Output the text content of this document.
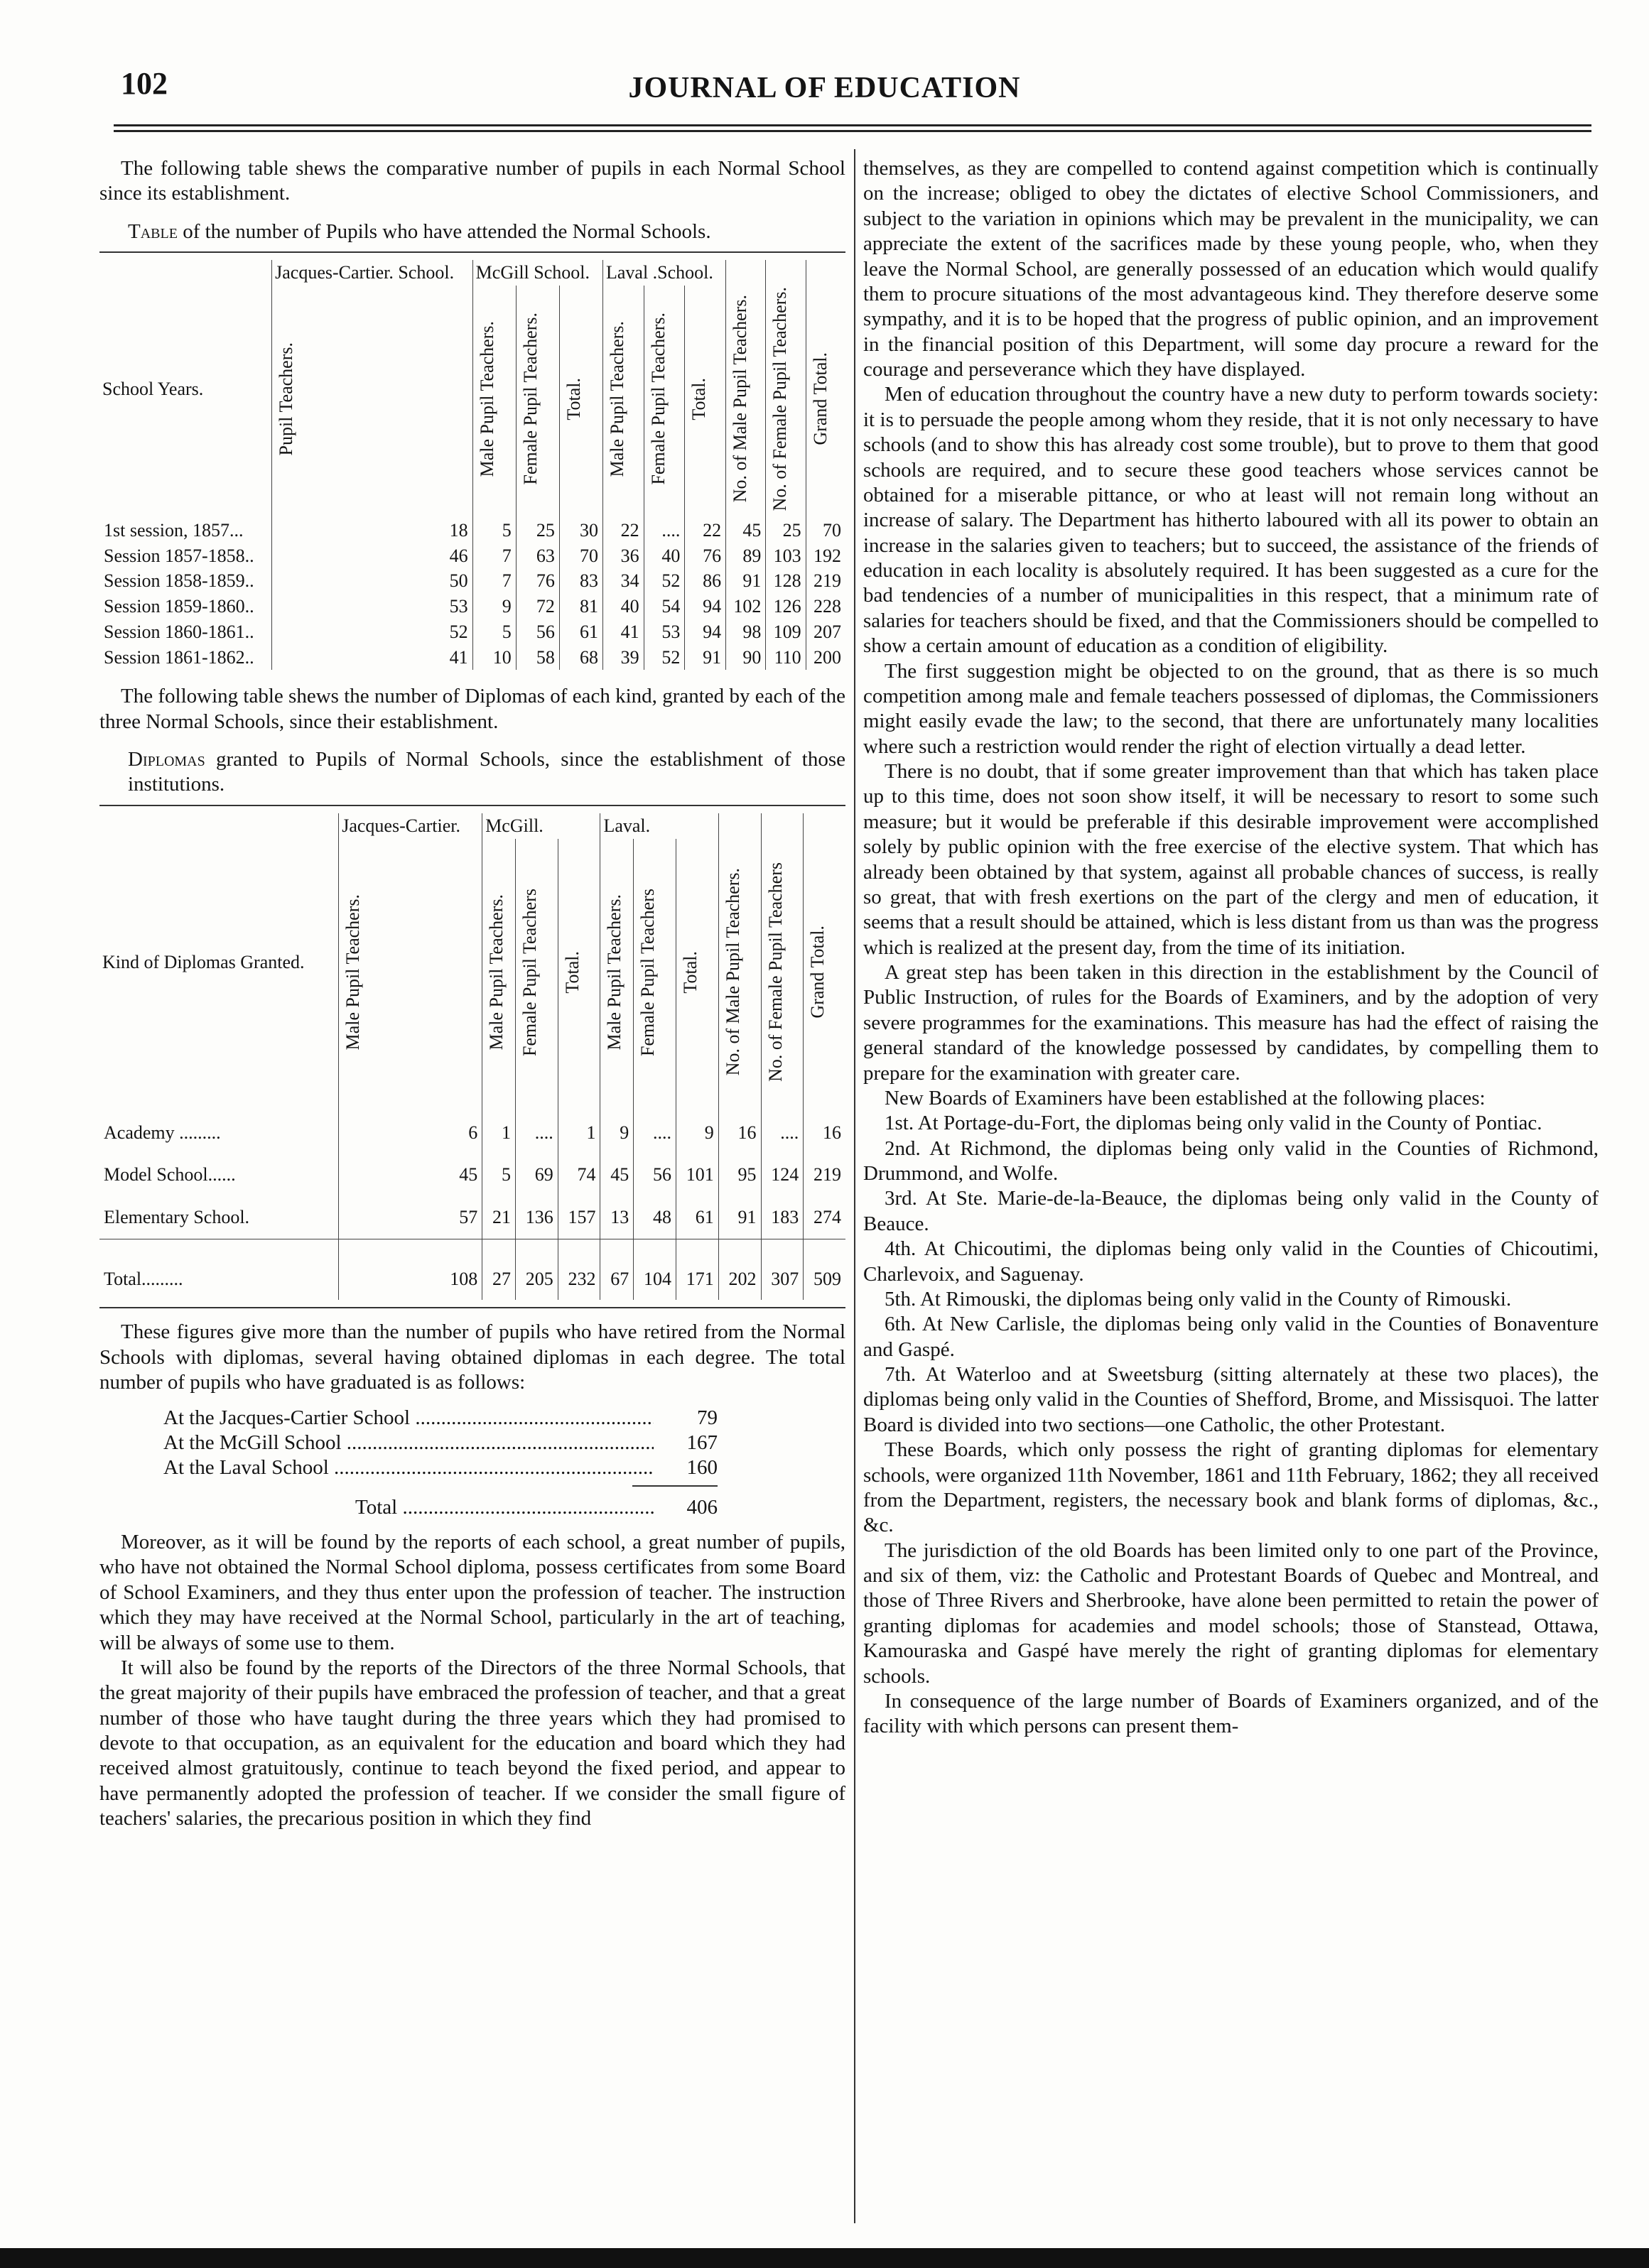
102	JOURNAL OF EDUCATION

The following table shews the comparative number of pupils in each Normal School since its establishment.

Table of the number of Pupils who have attended the Normal Schools.

School Years.	Jacques-Cartier. School.	McGill School.			Laval .School.					
	Pupil Teachers.	Male Pupil Teachers.	Female Pupil Teachers.	Total.	Male Pupil Teachers.	Female Pupil Teachers.	Total.	No. of Male Pupil Teachers.	No. of Female Pupil Teachers.	Grand Total.
1st session, 1857...	18	5	25	30	22	....	22	45	25	70
Session 1857-1858..	46	7	63	70	36	40	76	89	103	192
Session 1858-1859..	50	7	76	83	34	52	86	91	128	219
Session 1859-1860..	53	9	72	81	40	54	94	102	126	228
Session 1860-1861..	52	5	56	61	41	53	94	98	109	207
Session 1861-1862..	41	10	58	68	39	52	91	90	110	200

The following table shews the number of Diplomas of each kind, granted by each of the three Normal Schools, since their establishment.

Diplomas granted to Pupils of Normal Schools, since the establishment of those institutions.

Kind of Diplomas Granted.	Jacques-Cartier.	McGill.			Laval.					
	Male Pupil Teachers.	Male Pupil Teachers.	Female Pupil Teachers	Total.	Male Pupil Teachers.	Female Pupil Teachers	Total.	No. of Male Pupil Teachers.	No. of Female Pupil Teachers	Grand Total.
Academy .........	6	1	....	1	9	....	9	16	....	16
Model School......	45	5	69	74	45	56	101	95	124	219
Elementary School.	57	21	136	157	13	48	61	91	183	274
Total.........	108	27	205	232	67	104	171	202	307	509

These figures give more than the number of pupils who have retired from the Normal Schools with diplomas, several having obtained diplomas in each degree. The total number of pupils who have graduated is as follows:

At the Jacques-Cartier School .....	79
At the McGill School .....	167
At the Laval School .....	160
Total .....	406

Moreover, as it will be found by the reports of each school, a great number of pupils, who have not obtained the Normal School diploma, possess certificates from some Board of School Examiners, and they thus enter upon the profession of teacher. The instruction which they may have received at the Normal School, particularly in the art of teaching, will be always of some use to them.

It will also be found by the reports of the Directors of the three Normal Schools, that the great majority of their pupils have embraced the profession of teacher, and that a great number of those who have taught during the three years which they had promised to devote to that occupation, as an equivalent for the education and board which they had received almost gratuitously, continue to teach beyond the fixed period, and appear to have permanently adopted the profession of teacher. If we consider the small figure of teachers' salaries, the precarious position in which they find

themselves, as they are compelled to contend against competition which is continually on the increase; obliged to obey the dictates of elective School Commissioners, and subject to the variation in opinions which may be prevalent in the municipality, we can appreciate the extent of the sacrifices made by these young people, who, when they leave the Normal School, are generally possessed of an education which would qualify them to procure situations of the most advantageous kind. They therefore deserve some sympathy, and it is to be hoped that the progress of public opinion, and an improvement in the financial position of this Department, will some day procure a reward for the courage and perseverance which they have displayed.

Men of education throughout the country have a new duty to perform towards society: it is to persuade the people among whom they reside, that it is not only necessary to have schools (and to show this has already cost some trouble), but to prove to them that good schools are required, and to secure these good teachers whose services cannot be obtained for a miserable pittance, or who at least will not remain long without an increase of salary. The Department has hitherto laboured with all its power to obtain an increase in the salaries given to teachers; but to succeed, the assistance of the friends of education in each locality is absolutely required. It has been suggested as a cure for the bad tendencies of a number of municipalities in this respect, that a minimum rate of salaries for teachers should be fixed, and that the Commissioners should be compelled to show a certain amount of education as a condition of eligibility.

The first suggestion might be objected to on the ground, that as there is so much competition among male and female teachers possessed of diplomas, the Commissioners might easily evade the law; to the second, that there are unfortunately many localities where such a restriction would render the right of election virtually a dead letter.

There is no doubt, that if some greater improvement than that which has taken place up to this time, does not soon show itself, it will be necessary to resort to some such measure; but it would be preferable if this desirable improvement were accomplished solely by public opinion with the free exercise of the elective system. That which has already been obtained by that system, against all probable chances of success, is really so great, that with fresh exertions on the part of the clergy and men of education, it seems that a result should be attained, which is less distant from us than was the progress which is realized at the present day, from the time of its initiation.

A great step has been taken in this direction in the establishment by the Council of Public Instruction, of rules for the Boards of Examiners, and by the adoption of very severe programmes for the examinations. This measure has had the effect of raising the general standard of the knowledge possessed by candidates, by compelling them to prepare for the examination with greater care.

New Boards of Examiners have been established at the following places:

1st. At Portage-du-Fort, the diplomas being only valid in the County of Pontiac.

2nd. At Richmond, the diplomas being only valid in the Counties of Richmond, Drummond, and Wolfe.

3rd. At Ste. Marie-de-la-Beauce, the diplomas being only valid in the County of Beauce.

4th. At Chicoutimi, the diplomas being only valid in the Counties of Chicoutimi, Charlevoix, and Saguenay.

5th. At Rimouski, the diplomas being only valid in the County of Rimouski.

6th. At New Carlisle, the diplomas being only valid in the Counties of Bonaventure and Gaspé.

7th. At Waterloo and at Sweetsburg (sitting alternately at these two places), the diplomas being only valid in the Counties of Shefford, Brome, and Missisquoi. The latter Board is divided into two sections—one Catholic, the other Protestant.

These Boards, which only possess the right of granting diplomas for elementary schools, were organized 11th November, 1861 and 11th February, 1862; they all received from the Department, registers, the necessary book and blank forms of diplomas, &c., &c.

The jurisdiction of the old Boards has been limited only to one part of the Province, and six of them, viz: the Catholic and Protestant Boards of Quebec and Montreal, and those of Three Rivers and Sherbrooke, have alone been permitted to retain the power of granting diplomas for academies and model schools; those of Stanstead, Ottawa, Kamouraska and Gaspé have merely the right of granting diplomas for elementary schools.

In consequence of the large number of Boards of Examiners organized, and of the facility with which persons can present them-
